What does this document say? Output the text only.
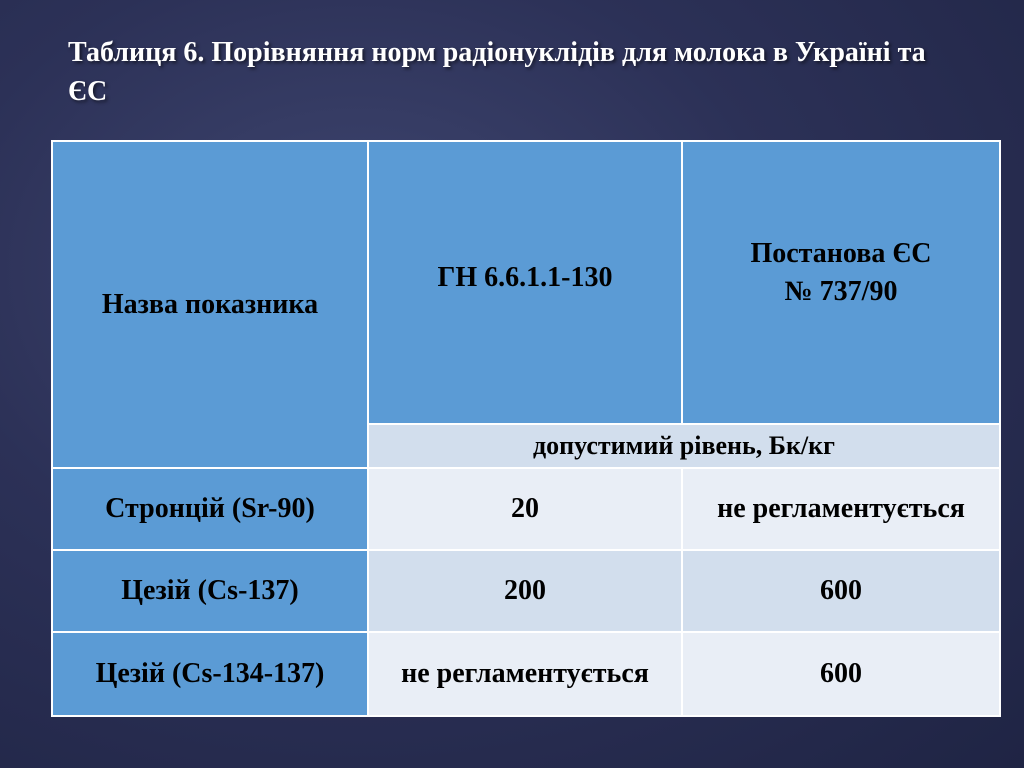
Таблиця 6. Порівняння норм радіонуклідів для молока в Україні та ЄС
Назва показника	ГН 6.6.1.1-130	Постанова ЄС
№ 737/90

	допустимий рівень, Бк/кг	
Стронцій (Sr-90)	20	не регламентується
Цезій (Cs-137)	200	600
Цезій (Cs-134-137)	не регламентується	600
